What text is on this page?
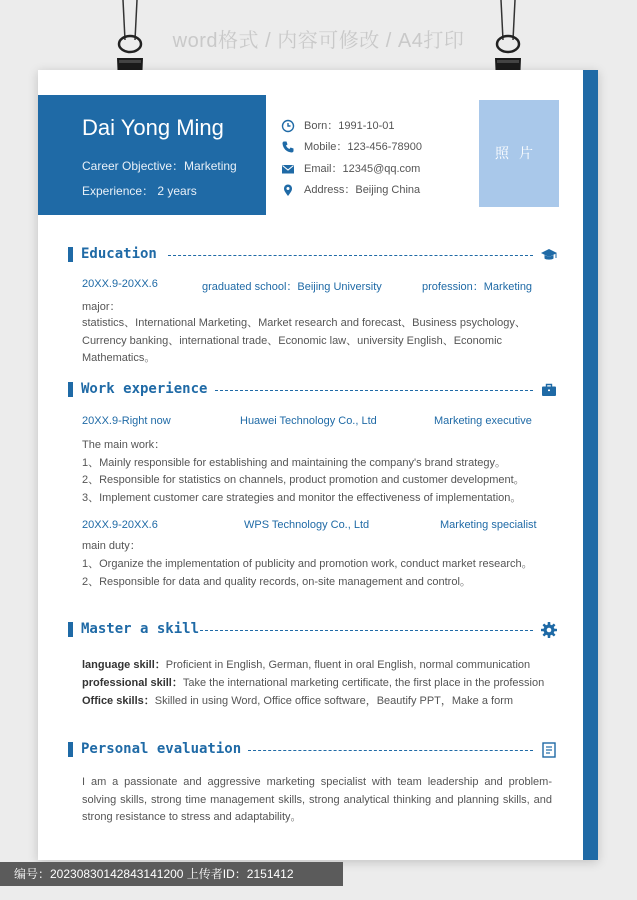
word格式 / 内容可修改 / A4打印
Dai Yong Ming
Career Objective：Marketing
Experience： 2 years
Born：1991-10-01
Mobile：123-456-78900
Email：12345@qq.com
Address：Beijing China
照片
Education
20XX.9-20XX.6	graduated school：Beijing University	profession：Marketing
major：
statistics、International Marketing、Market research and forecast、Business psychology、Currency banking、international trade、Economic law、university English、Economic Mathematics。
Work experience
20XX.9-Right now	Huawei Technology Co., Ltd	Marketing executive
The main work：
1、Mainly responsible for establishing and maintaining the company's brand strategy。
2、Responsible for statistics on channels, product promotion and customer development。
3、Implement customer care strategies and monitor the effectiveness of implementation。
20XX.9-20XX.6	WPS Technology Co., Ltd	Marketing specialist
main duty：
1、Organize the implementation of publicity and promotion work, conduct market research。
2、Responsible for data and quality records, on-site management and control。
Master a skill
language skill：Proficient in English, German, fluent in oral English, normal communication
professional skill：Take the international marketing certificate, the first place in the profession
Office skills：Skilled in using Word, Office office software，Beautify PPT，Make a form
Personal evaluation
I am a passionate and aggressive marketing specialist with team leadership and problem-solving skills, strong time management skills, strong analytical thinking and planning skills, and strong resistance to stress and adaptability。
编号：20230830142843141200 上传者ID：2151412
